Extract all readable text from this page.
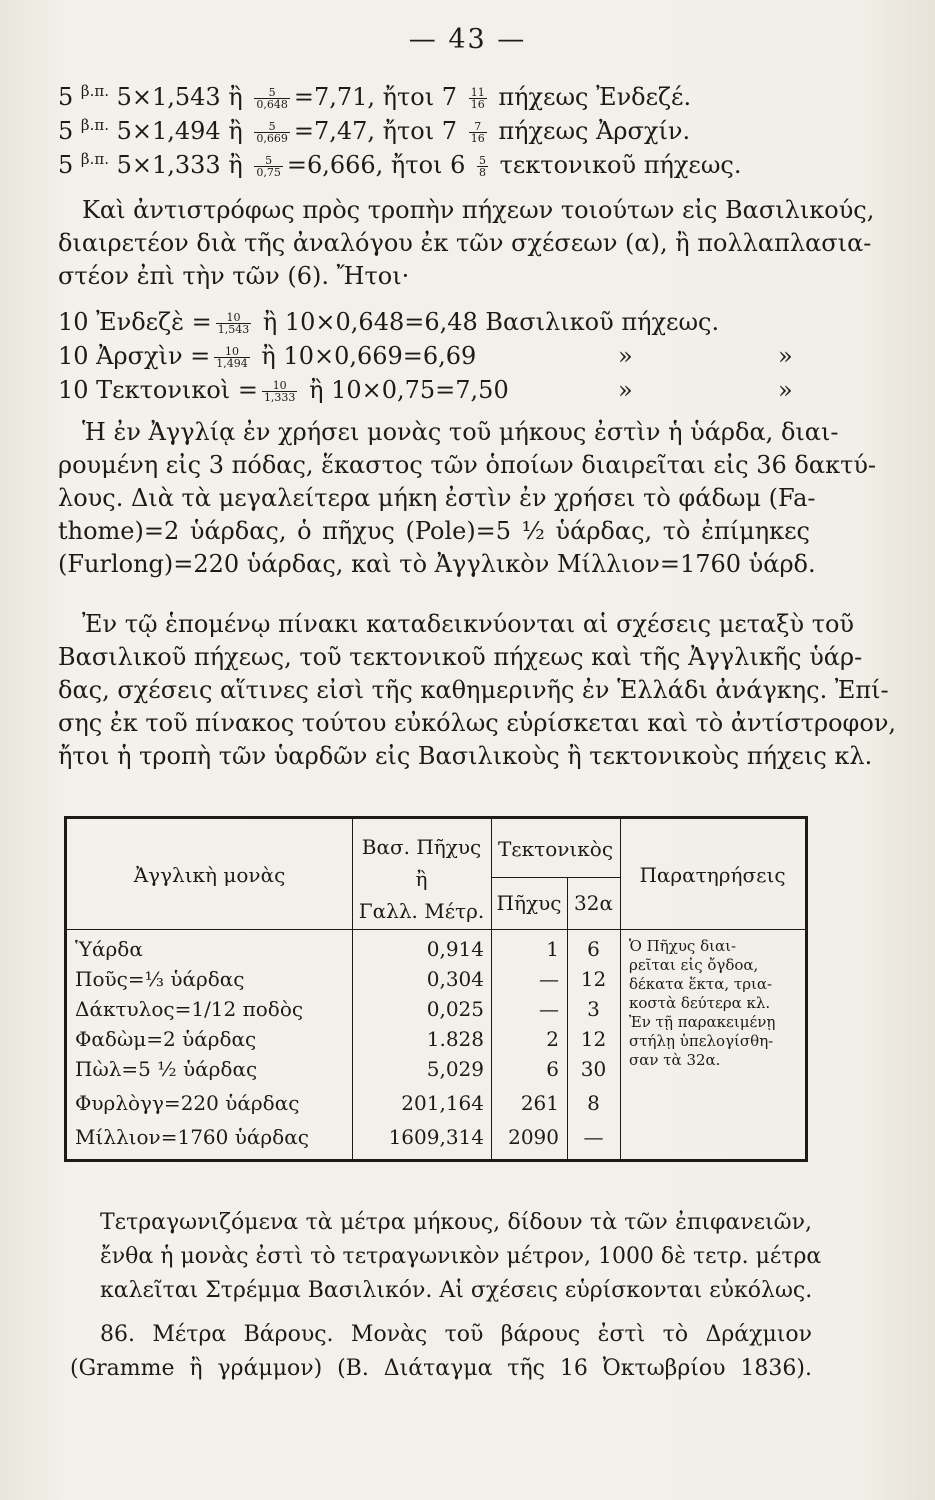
— 43 —
5 $^{\beta.\pi.}$ 5×1,543 ἢ $\frac{5}{0,648} =7,71$, ἤτοι $7 \frac{11}{16}$ πήχεως Ἐνδεζέ.
5 $^{\beta.\pi.}$ 5×1,494 ἢ $\frac{5}{0,669} =7,47$, ἤτοι $7 \frac{7}{16}$ πήχεως Ἀρσχίν.
5 $^{\beta.\pi.}$ 5×1,333 ἢ $\frac{5}{0,75} =6,666$, ἤτοι $6 \frac{5}{8}$ τεκτονικοῦ πήχεως.
Καὶ ἀντιστρόφως πρὸς τροπὴν πήχεων τοιούτων εἰς Βασιλικούς,
διαιρετέον διὰ τῆς ἀναλόγου ἐκ τῶν σχέσεων (α), ἢ πολλαπλασια-
στέον ἐπὶ τὴν τῶν (6). Ἤτοι·
10 Ἐνδεζὲ = $\frac{10}{1,543}$ ἢ 10×0,648=6,48 Βασιλικοῦ πήχεως.
10 Ἀρσχὶν = $\frac{10}{1,494}$ ἢ 10×0,669=6,69	»	»
10 Τεκτονικοὶ = $\frac{10}{1,333}$ ἢ 10×0,75=7,50	»	»
Ἡ ἐν Ἀγγλίᾳ ἐν χρήσει μονὰς τοῦ μήκους ἐστὶν ἡ ὑάρδα, διαι-
ρουμένη εἰς 3 πόδας, ἕκαστος τῶν ὁποίων διαιρεῖται εἰς 36 δακτύ-
λους. Διὰ τὰ μεγαλείτερα μήκη ἐστὶν ἐν χρήσει τὸ φάδωμ (Fa-
thome)=2 ὑάρδας, ὁ πῆχυς (Pole)=5 ½ ὑάρδας, τὸ ἐπίμηκες
(Furlong)=220 ὑάρδας, καὶ τὸ Ἀγγλικὸν Μίλλιον=1760 ὑάρδ.
Ἐν τῷ ἑπομένῳ πίνακι καταδεικνύονται αἱ σχέσεις μεταξὺ τοῦ
Βασιλικοῦ πήχεως, τοῦ τεκτονικοῦ πήχεως καὶ τῆς Ἀγγλικῆς ὑάρ-
δας, σχέσεις αἵτινες εἰσὶ τῆς καθημερινῆς ἐν Ἑλλάδι ἀνάγκης. Ἐπί-
σης ἐκ τοῦ πίνακος τούτου εὐκόλως εὑρίσκεται καὶ τὸ ἀντίστροφον,
ἤτοι ἡ τροπὴ τῶν ὑαρδῶν εἰς Βασιλικοὺς ἢ τεκτονικοὺς πήχεις κλ.
Ἀγγλικὴ μονὰς
Βασ. Πῆχυς
ἢ
Γαλλ. Μέτρ.
Τεκτονικὸς
Πῆχυς 32α
Παρατηρήσεις
Ὑάρδα	0,914	1	6
Ποῦς=⅓ ὑάρδας	0,304	—	12
Δάκτυλος=1/12 ποδὸς	0,025	—	3
Φαδὼμ=2 ὑάρδας	1.828	2	12
Πὼλ=5 ½ ὑάρδας	5,029	6	30
Φυρλὸγγ=220 ὑάρδας	201,164	261	8
Μίλλιον=1760 ὑάρδας	1609,314	2090	—
Ὁ Πῆχυς διαι-
ρεῖται εἰς ὄγδοα,
δέκατα ἕκτα, τρια-
κοστὰ δεύτερα κλ.
Ἐν τῇ παρακειμένῃ
στήλῃ ὑπελογίσθη-
σαν τὰ 32α.
Τετραγωνιζόμενα τὰ μέτρα μήκους, δίδουν τὰ τῶν ἐπιφανειῶν,
ἔνθα ἡ μονὰς ἐστὶ τὸ τετραγωνικὸν μέτρον, 1000 δὲ τετρ. μέτρα
καλεῖται Στρέμμα Βασιλικόν. Αἱ σχέσεις εὑρίσκονται εὐκόλως.
86. Μέτρα Βάρους. Μονὰς τοῦ βάρους ἐστὶ τὸ Δράχμιον
(Gramme ἢ γράμμον) (Β. Διάταγμα τῆς 16 Ὀκτωβρίου 1836).
